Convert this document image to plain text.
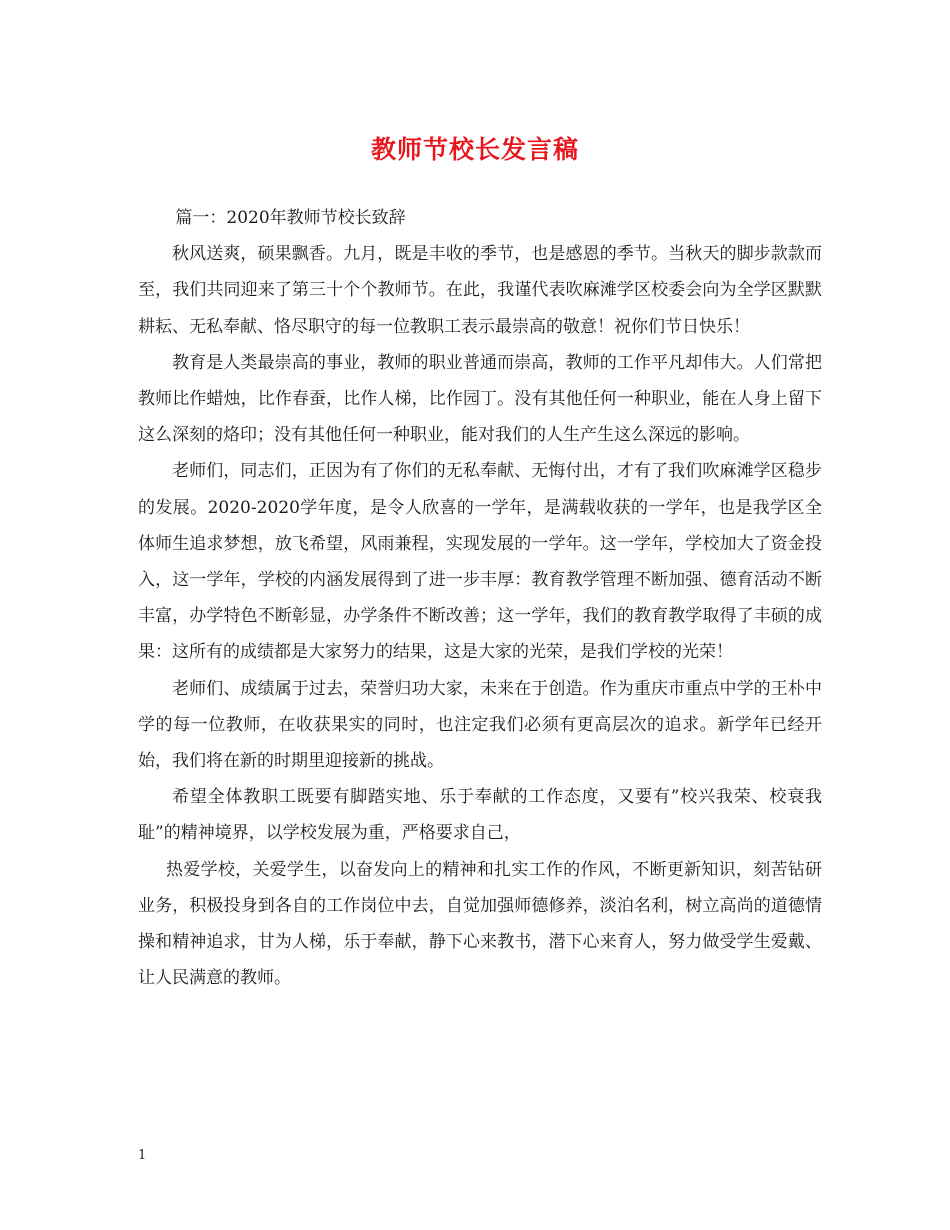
教师节校长发言稿

篇一：2020年教师节校长致辞

秋风送爽，硕果飘香。九月，既是丰收的季节，也是感恩的季节。当秋天的脚步款款而至，我们共同迎来了第三十个个教师节。在此，我谨代表吹麻滩学区校委会向为全学区默默耕耘、无私奉献、恪尽职守的每一位教职工表示最崇高的敬意！祝你们节日快乐！

教育是人类最崇高的事业，教师的职业普通而崇高，教师的工作平凡却伟大。人们常把教师比作蜡烛，比作春蚕，比作人梯，比作园丁。没有其他任何一种职业，能在人身上留下这么深刻的烙印；没有其他任何一种职业，能对我们的人生产生这么深远的影响。

老师们，同志们，正因为有了你们的无私奉献、无悔付出，才有了我们吹麻滩学区稳步的发展。2020-2020学年度，是令人欣喜的一学年，是满载收获的一学年，也是我学区全体师生追求梦想，放飞希望，风雨兼程，实现发展的一学年。这一学年，学校加大了资金投入，这一学年，学校的内涵发展得到了进一步丰厚：教育教学管理不断加强、德育活动不断丰富，办学特色不断彰显，办学条件不断改善；这一学年，我们的教育教学取得了丰硕的成果：这所有的成绩都是大家努力的结果，这是大家的光荣，是我们学校的光荣！

老师们、成绩属于过去，荣誉归功大家，未来在于创造。作为重庆市重点中学的王朴中学的每一位教师，在收获果实的同时，也注定我们必须有更高层次的追求。新学年已经开始，我们将在新的时期里迎接新的挑战。

希望全体教职工既要有脚踏实地、乐于奉献的工作态度，又要有”校兴我荣、校衰我耻”的精神境界，以学校发展为重，严格要求自己，

热爱学校，关爱学生，以奋发向上的精神和扎实工作的作风，不断更新知识，刻苦钻研业务，积极投身到各自的工作岗位中去，自觉加强师德修养，淡泊名利，树立高尚的道德情操和精神追求，甘为人梯，乐于奉献，静下心来教书，潜下心来育人，努力做受学生爱戴、让人民满意的教师。

1
